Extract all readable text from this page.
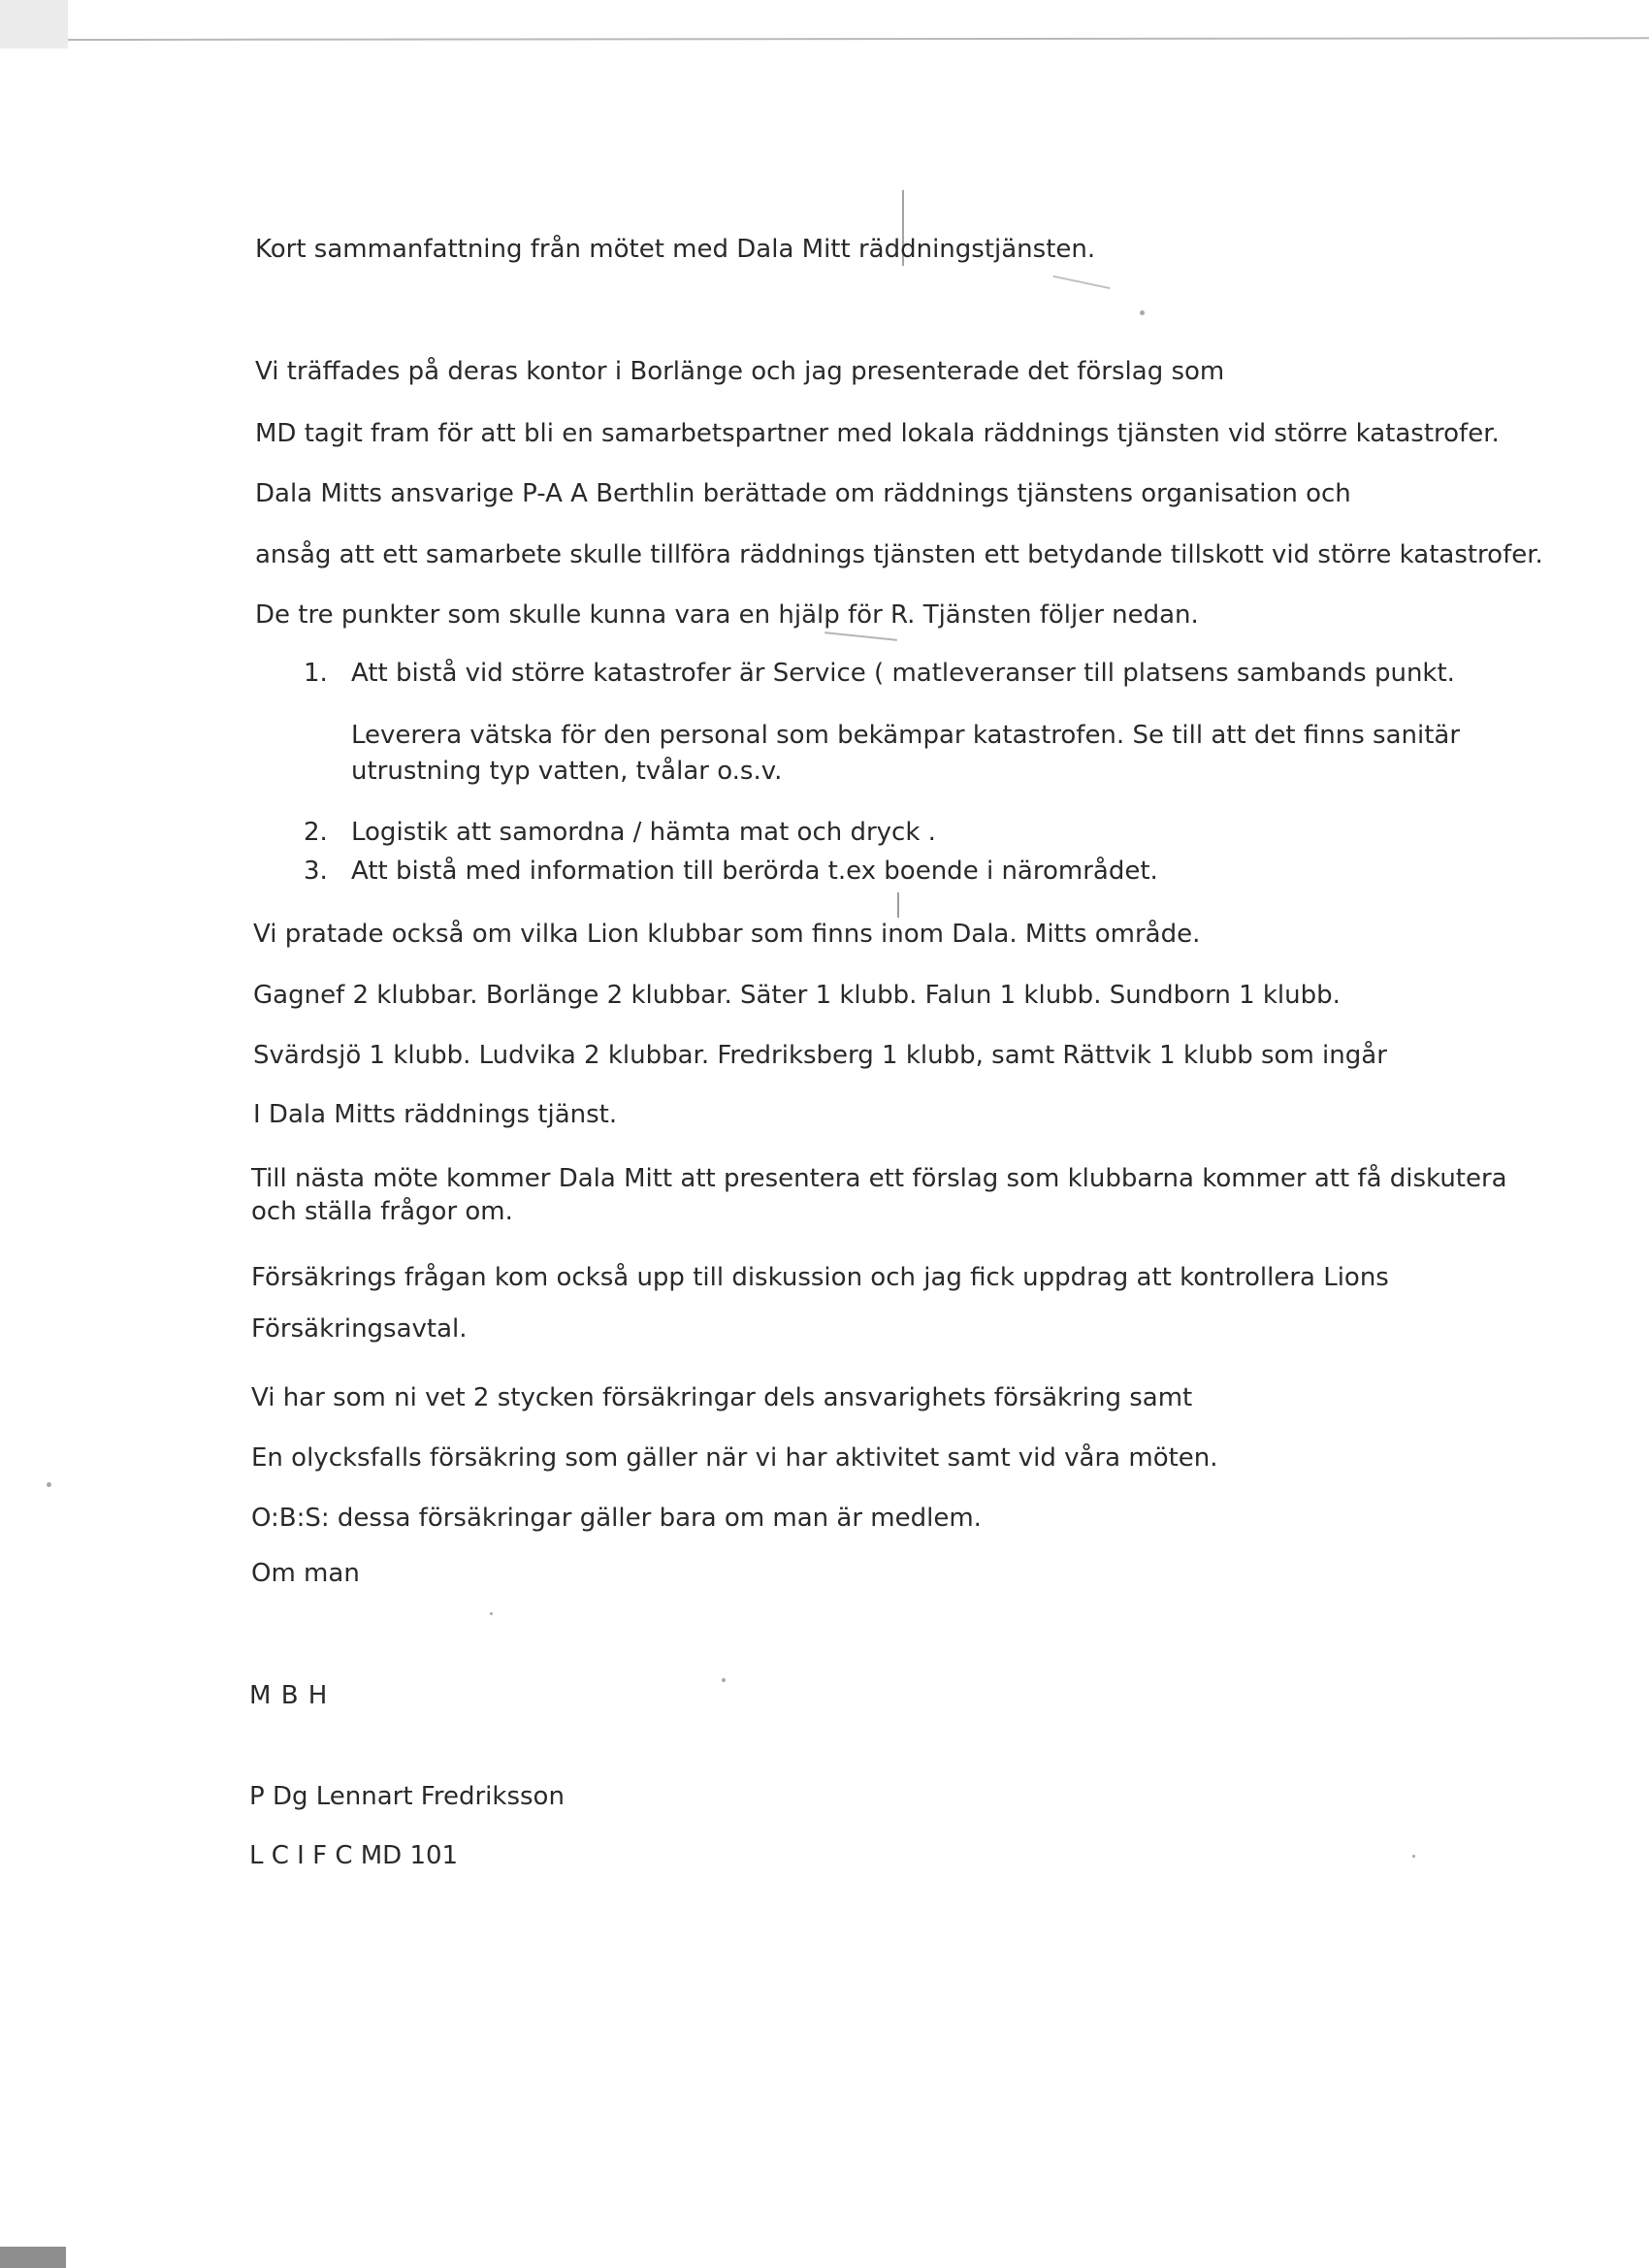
Kort sammanfattning från mötet med Dala Mitt räddningstjänsten.

Vi träffades på deras kontor i Borlänge och jag presenterade det förslag som

MD tagit fram för att bli en samarbetspartner med lokala räddnings tjänsten vid större katastrofer.

Dala Mitts ansvarige P-A A Berthlin berättade om räddnings tjänstens organisation och

ansåg att ett samarbete skulle tillföra räddnings tjänsten ett betydande tillskott vid större katastrofer.

De tre punkter som skulle kunna vara en hjälp för R. Tjänsten följer nedan.

1. Att bistå vid större katastrofer är Service ( matleveranser till platsens sambands punkt.

Leverera vätska för den personal som bekämpar katastrofen. Se till att det finns sanitär

utrustning typ vatten, tvålar o.s.v.

2. Logistik att samordna / hämta mat och dryck .

3. Att bistå med information till berörda t.ex boende i närområdet.

Vi pratade också om vilka Lion klubbar som finns inom Dala. Mitts område.

Gagnef 2 klubbar. Borlänge 2 klubbar. Säter 1 klubb. Falun 1 klubb. Sundborn 1 klubb.

Svärdsjö 1 klubb. Ludvika 2 klubbar. Fredriksberg 1 klubb, samt Rättvik 1 klubb som ingår

I Dala Mitts räddnings tjänst.

Till nästa möte kommer Dala Mitt att presentera ett förslag som klubbarna kommer att få diskutera

och ställa frågor om.

Försäkrings frågan kom också upp till diskussion och jag fick uppdrag att kontrollera Lions

Försäkringsavtal.

Vi har som ni vet 2 stycken försäkringar dels ansvarighets försäkring samt

En olycksfalls försäkring som gäller när vi har aktivitet samt vid våra möten.

O:B:S: dessa försäkringar gäller bara om man är medlem.

Om man

M B H

P Dg Lennart Fredriksson

L C I F C MD 101
